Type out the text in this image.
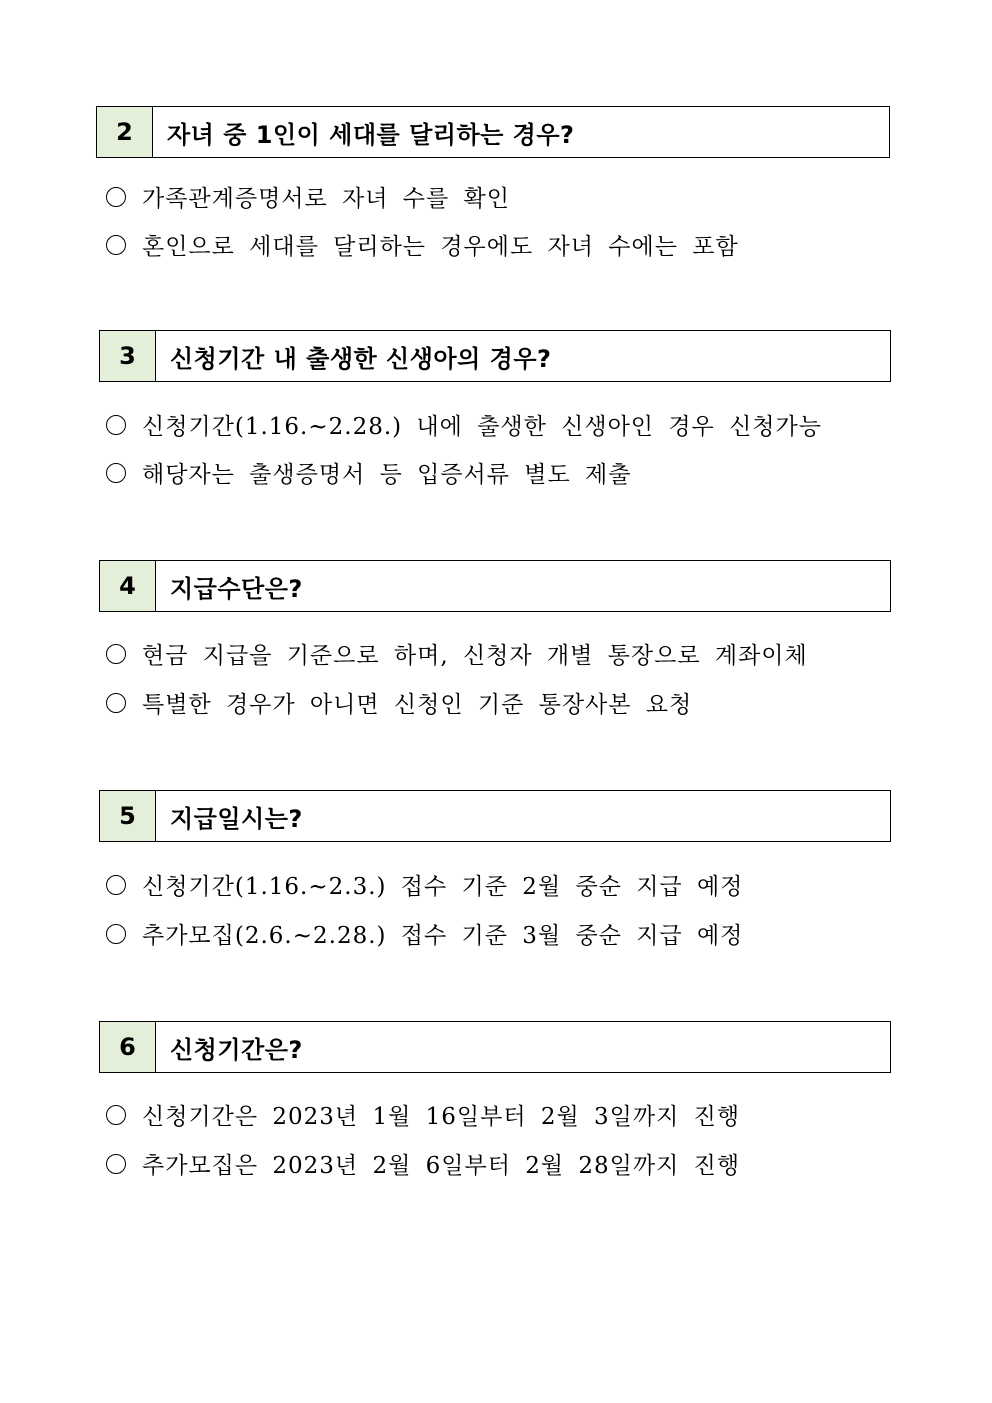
2	자녀 중 1인이 세대를 달리하는 경우?
가족관계증명서로 자녀 수를 확인
혼인으로 세대를 달리하는 경우에도 자녀 수에는 포함
3	신청기간 내 출생한 신생아의 경우?
신청기간(1.16.~2.28.) 내에 출생한 신생아인 경우 신청가능
해당자는 출생증명서 등 입증서류 별도 제출
4	지급수단은?
현금 지급을 기준으로 하며, 신청자 개별 통장으로 계좌이체
특별한 경우가 아니면 신청인 기준 통장사본 요청
5	지급일시는?
신청기간(1.16.~2.3.) 접수 기준 2월 중순 지급 예정
추가모집(2.6.~2.28.) 접수 기준 3월 중순 지급 예정
6	신청기간은?
신청기간은 2023년 1월 16일부터 2월 3일까지 진행
추가모집은 2023년 2월 6일부터 2월 28일까지 진행
